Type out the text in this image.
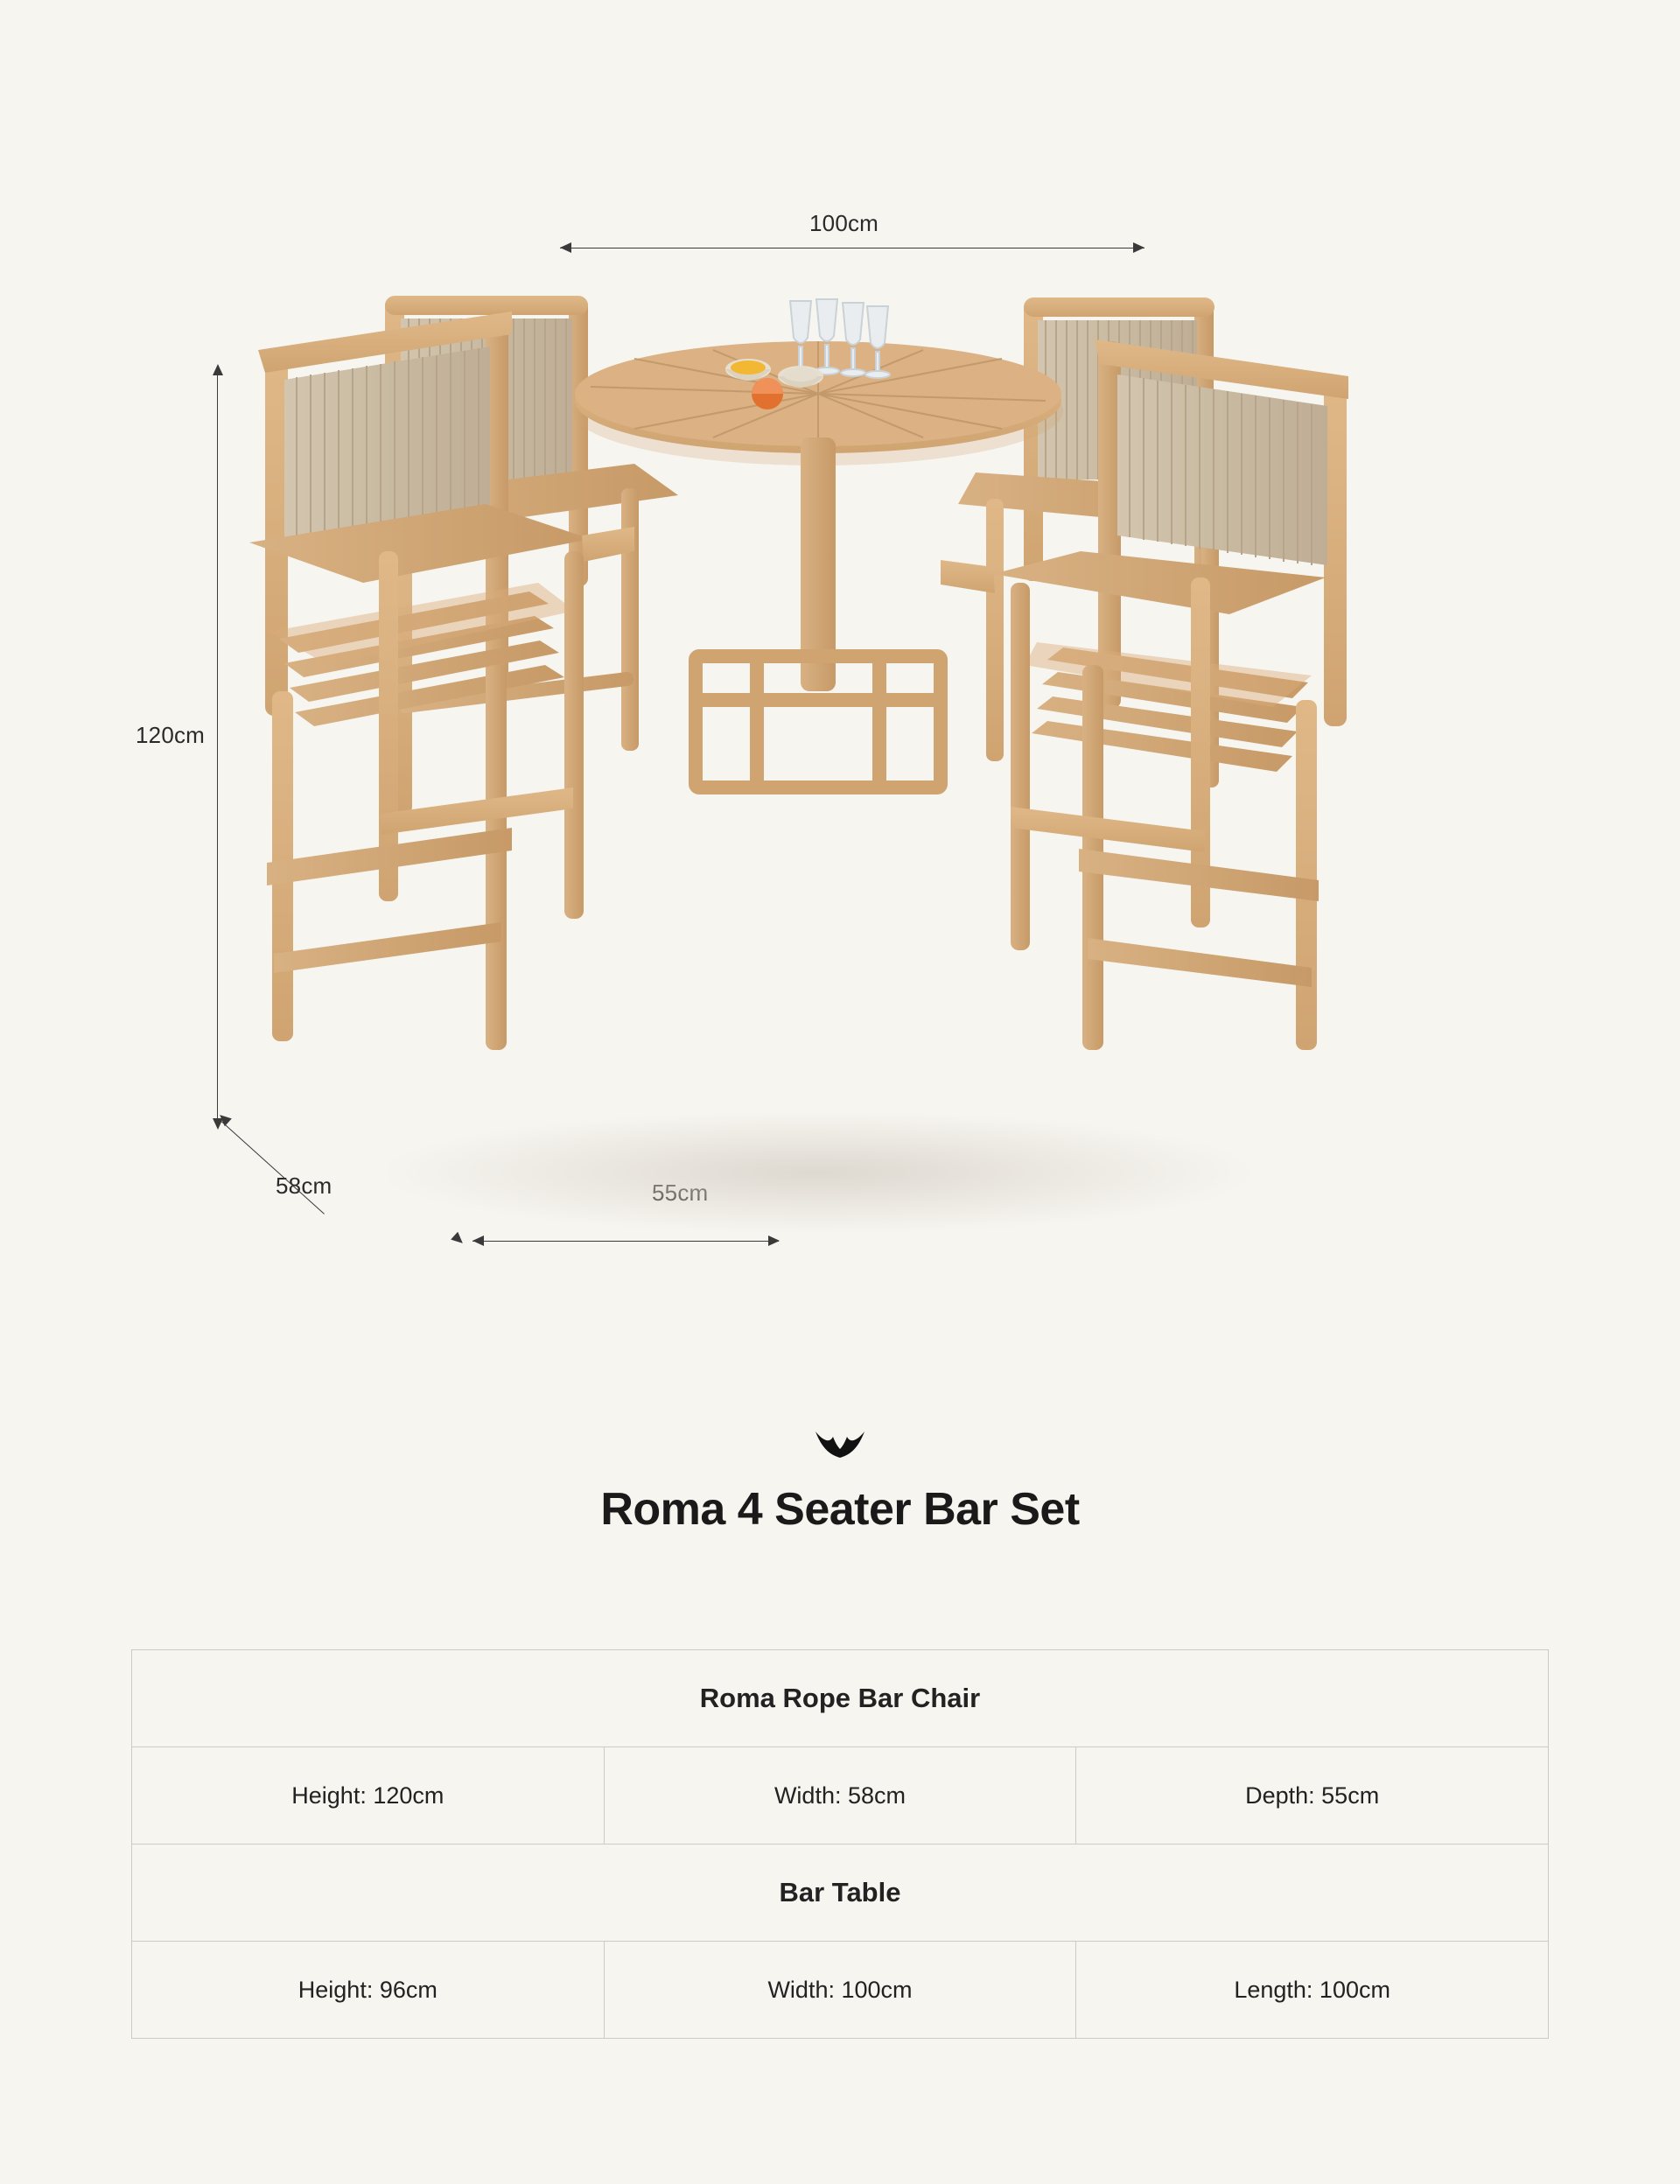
100cm
120cm
58cm
Roma 4 Seater Bar Set
Roma Rope Bar Chair		
Height: 120cm	Width: 58cm	Depth: 55cm
Bar Table		
Height: 96cm	Width: 100cm	Length: 100cm
